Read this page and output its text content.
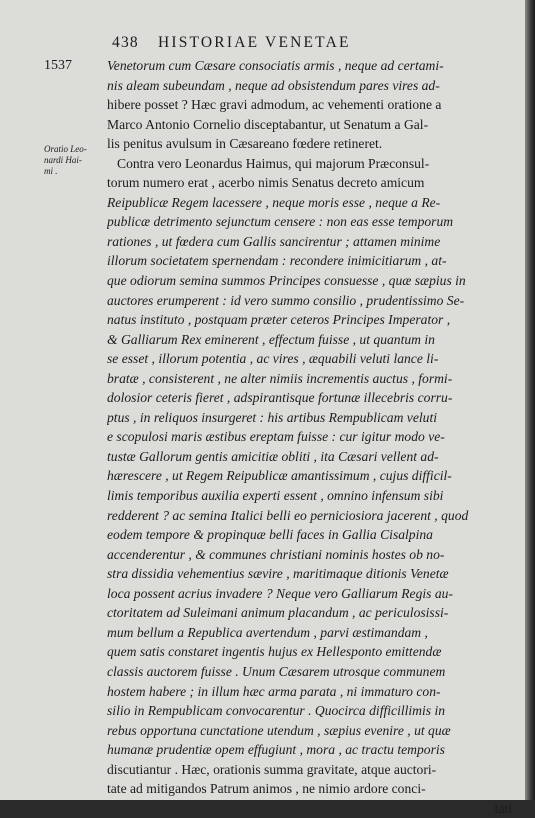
438 HISTORIAE VENETAE
1537
Oratio Leo-
nardi Hai-
mi .
Venetorum cum Cæsare consociatis armis , neque ad certami-
nis aleam subeundam , neque ad obsistendum pares vires ad-
hibere posset ? Hæc gravi admodum, ac vehementi oratione a
Marco Antonio Cornelio disceptabantur, ut Senatum a Gal-
lis penitus avulsum in Cæsareano fœdere retineret.
Contra vero Leonardus Haimus, qui majorum Præconsul-
torum numero erat , acerbo nimis Senatus decreto amicum
Reipublicæ Regem lacessere , neque moris esse , neque a Re-
publicæ detrimento sejunctum censere : non eas esse temporum
rationes , ut fœdera cum Gallis sancirentur ; attamen minime
illorum societatem spernendam : recondere inimicitiarum , at-
que odiorum semina summos Principes consuesse , quæ sæpius in
auctores erumperent : id vero summo consilio , prudentissimo Se-
natus instituto , postquam præter ceteros Principes Imperator ,
& Galliarum Rex eminerent , effectum fuisse , ut quantum in
se esset , illorum potentia , ac vires , æquabili veluti lance li-
bratæ , consisterent , ne alter nimiis incrementis auctus , formi-
dolosior ceteris fieret , adspirantisque fortunæ illecebris corru-
ptus , in reliquos insurgeret : his artibus Rempublicam veluti
e scopulosi maris æstibus ereptam fuisse : cur igitur modo ve-
tustæ Gallorum gentis amicitiæ obliti , ita Cæsari vellent ad-
hærescere , ut Regem Reipublicæ amantissimum , cujus difficil-
limis temporibus auxilia experti essent , omnino infensum sibi
redderent ? ac semina Italici belli eo perniciosiora jacerent , quod
eodem tempore & propinquæ belli faces in Gallia Cisalpina
accenderentur , & communes christiani nominis hostes ob no-
stra dissidia vehementius sævire , maritimaque ditionis Venetæ
loca possent acrius invadere ? Neque vero Galliarum Regis au-
ctoritatem ad Suleimani animum placandum , ac periculosissi-
mum bellum a Republica avertendum , parvi æstimandam ,
quem satis constaret ingentis hujus ex Hellesponto emittendæ
classis auctorem fuisse . Unum Cæsarem utrosque communem
hostem habere ; in illum hæc arma parata , ni immaturo con-
silio in Rempublicam convocarentur . Quocirca difficillimis in
rebus opportuna cunctatione utendum , sæpius evenire , ut quæ
humanæ prudentiæ opem effugiunt , mora , ac tractu temporis
discutiantur . Hæc, orationis summa gravitate, atque auctori-
tate ad mitigandos Patrum animos , ne nimio ardore conci-
tati
